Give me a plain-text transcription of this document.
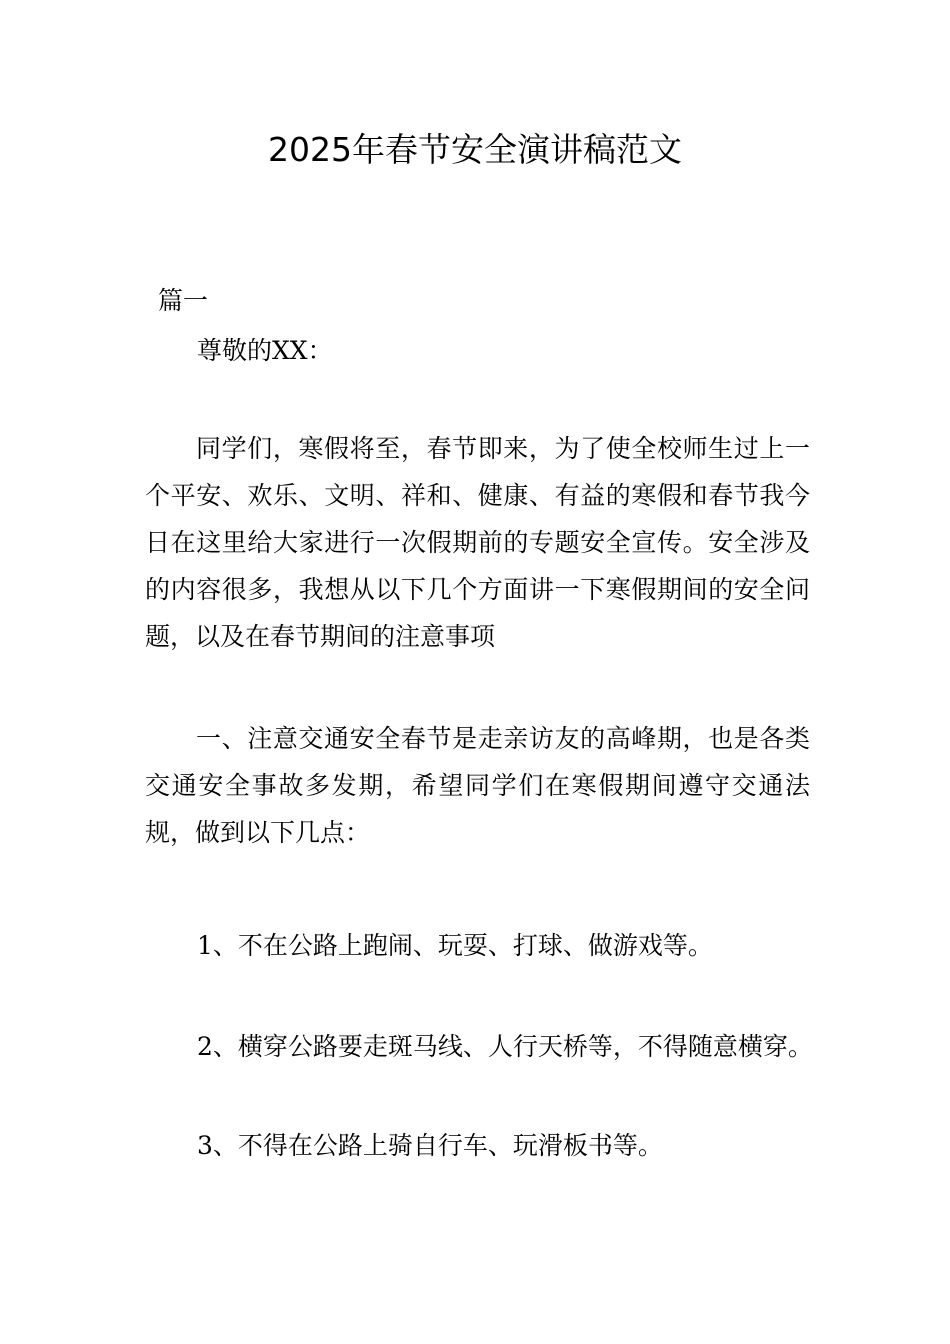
2025年春节安全演讲稿范文
篇一
尊敬的XX：
同学们，寒假将至，春节即来，为了使全校师生过上一个平安、欢乐、文明、祥和、健康、有益的寒假和春节我今日在这里给大家进行一次假期前的专题安全宣传。安全涉及的内容很多，我想从以下几个方面讲一下寒假期间的安全问题，以及在春节期间的注意事项
一、注意交通安全春节是走亲访友的高峰期，也是各类交通安全事故多发期，希望同学们在寒假期间遵守交通法规，做到以下几点：
1、不在公路上跑闹、玩耍、打球、做游戏等。
2、横穿公路要走斑马线、人行天桥等，不得随意横穿。
3、不得在公路上骑自行车、玩滑板书等。
